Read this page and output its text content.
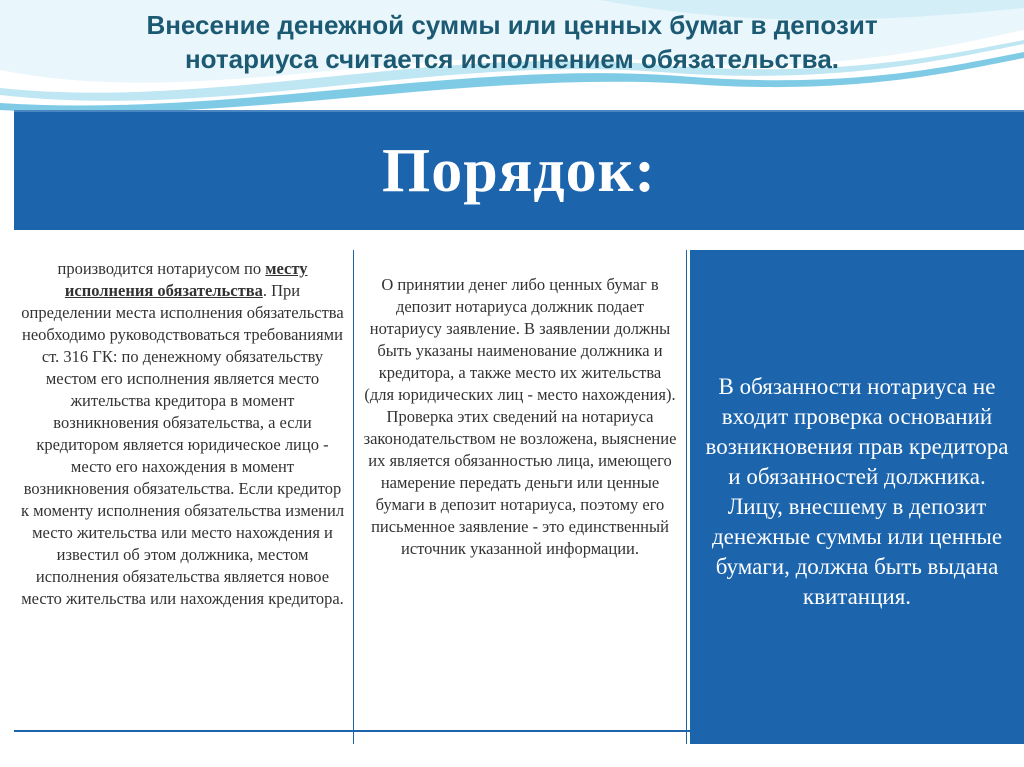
Внесение денежной суммы или ценных бумаг в депозит
нотариуса считается исполнением обязательства.
Порядок:
производится нотариусом по месту исполнения обязательства. При определении места исполнения обязательства необходимо руководствоваться требованиями ст. 316 ГК: по денежному обязательству местом его исполнения является место жительства кредитора в момент возникновения обязательства, а если кредитором является юридическое лицо - место его нахождения в момент возникновения обязательства. Если кредитор к моменту исполнения обязательства изменил место жительства или место нахождения и известил об этом должника, местом исполнения обязательства является новое место жительства или нахождения кредитора.
О принятии денег либо ценных бумаг в депозит нотариуса должник подает нотариусу заявление. В заявлении должны быть указаны наименование должника и кредитора, а также место их жительства (для юридических лиц - место нахождения). Проверка этих сведений на нотариуса законодательством не возложена, выяснение их является обязанностью лица, имеющего намерение передать деньги или ценные бумаги в депозит нотариуса, поэтому его письменное заявление - это единственный источник указанной информации.
В обязанности нотариуса не входит проверка оснований возникновения прав кредитора и обязанностей должника. Лицу, внесшему в депозит денежные суммы или ценные бумаги, должна быть выдана квитанция.
